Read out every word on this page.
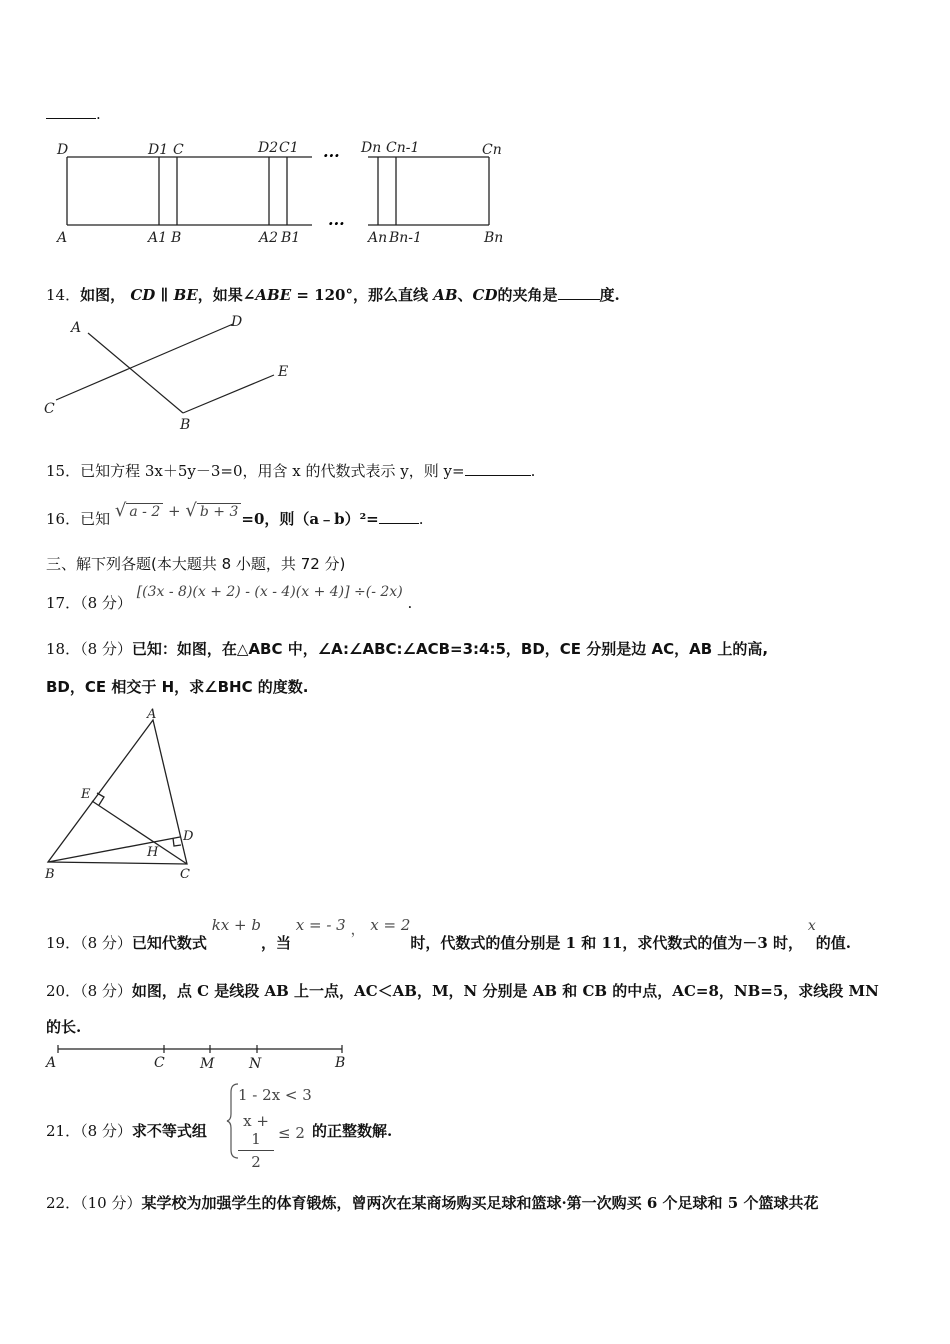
.
···
···
D	D1 C	D2 C1	Dn Cn-1	Cn
A	A1 B	A2 B1	An Bn-1	Bn
14．如图， CD ∥ BE，如果∠ABE = 120°，那么直线 AB、CD的夹角是	度.
A	D
E
C
B
15．已知方程 3x＋5y－3=0，用含 x 的代数式表示 y，则 y=	.
16．已知 √ a - 2 + √ b + 3 =0，则（a﹣b）²=	.
三、解下列各题(本大题共 8 小题，共 72 分)
17．（8 分） [(3x - 8)(x + 2) - (x - 4)(x + 4)] ÷(- 2x) .
18．（8 分）已知：如图，在△ABC 中，∠A:∠ABC:∠ACB=3:4:5，BD，CE 分别是边 AC，AB 上的高,
BD，CE 相交于 H，求∠BHC 的度数.
A
E
D
H
B	C
19．（8 分）已知代数式 kx + b，当 x = - 3 ， x = 2时，代数式的值分别是 1 和 11，求代数式的值为－3 时， x的值.
20．（8 分）如图，点 C 是线段 AB 上一点，AC＜AB，M，N 分别是 AB 和 CB 的中点，AC=8，NB=5，求线段 MN
的长.
A	C	M N	B
21．（8 分）求不等式组
1 - 2x < 3
$\frac{x + 1}{2} \le 2$ 的正整数解.
22．（10 分）某学校为加强学生的体育锻炼，曾两次在某商场购买足球和篮球·第一次购买 6 个足球和 5 个篮球共花
